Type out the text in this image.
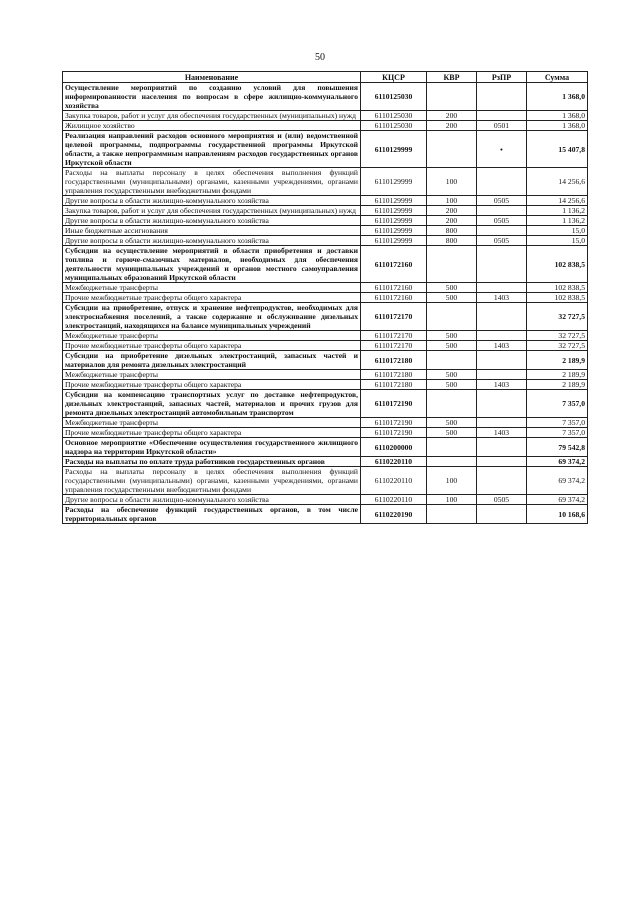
50
Наименование	КЦСР	КВР	РзПР	Сумма
Осуществление мероприятий по созданию условий для повышения информированности населения по вопросам в сфере жилищно-коммунального хозяйства	6110125030			1 368,0
Закупка товаров, работ и услуг для обеспечения государственных (муниципальных) нужд	6110125030	200		1 368,0
Жилищное хозяйство	6110125030	200	0501	1 368,0
Реализация направлений расходов основного мероприятия и (или) ведомственной целевой программы, подпрограммы государственной программы Иркутской области, а также непрограммным направлениям расходов государственных органов Иркутской области	6110129999		•	15 407,8
Расходы на выплаты персоналу в целях обеспечения выполнения функций государственными (муниципальными) органами, казенными учреждениями, органами управления государственными внебюджетными фондами	6110129999	100		14 256,6
Другие вопросы в области жилищно-коммунального хозяйства	6110129999	100	0505	14 256,6
Закупка товаров, работ и услуг для обеспечения государственных (муниципальных) нужд	6110129999	200		1 136,2
Другие вопросы в области жилищно-коммунального хозяйства	6110129999	200	0505	1 136,2
Иные бюджетные ассигнования	6110129999	800		15,0
Другие вопросы в области жилищно-коммунального хозяйства	6110129999	800	0505	15,0
Субсидии на осуществление мероприятий в области приобретения и доставки топлива и горюче-смазочных материалов, необходимых для обеспечения деятельности муниципальных учреждений и органов местного самоуправления муниципальных образований Иркутской области	6110172160			102 838,5
Межбюджетные трансферты	6110172160	500		102 838,5
Прочие межбюджетные трансферты общего характера	6110172160	500	1403	102 838,5
Субсидии на приобретение, отпуск и хранение нефтепродуктов, необходимых для электроснабжения поселений, а также содержание и обслуживание дизельных электростанций, находящихся на балансе муниципальных учреждений	6110172170			32 727,5
Межбюджетные трансферты	6110172170	500		32 727,5
Прочие межбюджетные трансферты общего характера	6110172170	500	1403	32 727,5
Субсидии на приобретение дизельных электростанций, запасных частей и материалов для ремонта дизельных электростанций	6110172180			2 189,9
Межбюджетные трансферты	6110172180	500		2 189,9
Прочие межбюджетные трансферты общего характера	6110172180	500	1403	2 189,9
Субсидии на компенсацию транспортных услуг по доставке нефтепродуктов, дизельных электростанций, запасных частей, материалов и прочих грузов для ремонта дизельных электростанций автомобильным транспортом	6110172190			7 357,0
Межбюджетные трансферты	6110172190	500		7 357,0
Прочие межбюджетные трансферты общего характера	6110172190	500	1403	7 357,0
Основное мероприятие «Обеспечение осуществления государственного жилищного надзора на территории Иркутской области»	6110200000			79 542,8
Расходы на выплаты по оплате труда работников государственных органов	6110220110			69 374,2
Расходы на выплаты персоналу в целях обеспечения выполнения функций государственными (муниципальными) органами, казенными учреждениями, органами управления государственными внебюджетными фондами	6110220110	100		69 374,2
Другие вопросы в области жилищно-коммунального хозяйства	6110220110	100	0505	69 374,2
Расходы на обеспечение функций государственных органов, в том числе территориальных органов	6110220190			10 168,6
